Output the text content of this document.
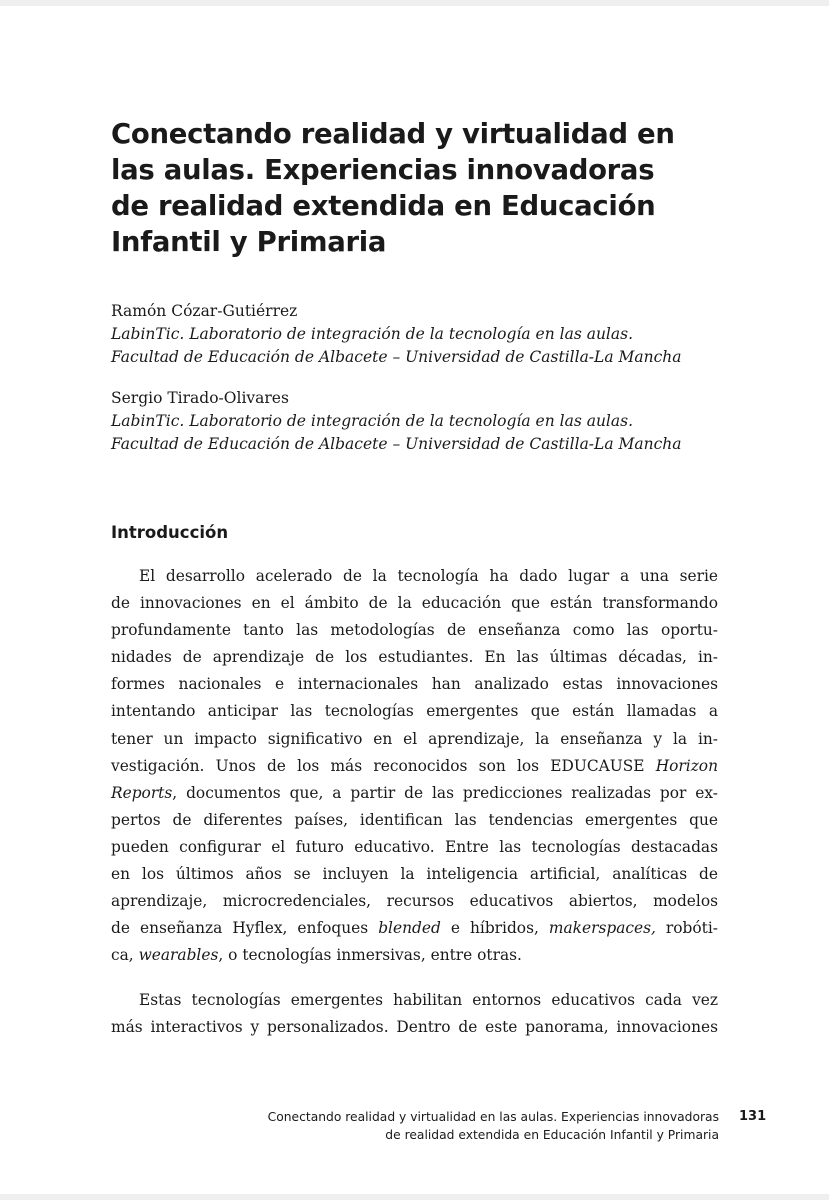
Conectando realidad y virtualidad en
las aulas. Experiencias innovadoras
de realidad extendida en Educación
Infantil y Primaria
Ramón Cózar-Gutiérrez
LabinTic. Laboratorio de integración de la tecnología en las aulas.
Facultad de Educación de Albacete – Universidad de Castilla-La Mancha
Sergio Tirado-Olivares
LabinTic. Laboratorio de integración de la tecnología en las aulas.
Facultad de Educación de Albacete – Universidad de Castilla-La Mancha
Introducción
El desarrollo acelerado de la tecnología ha dado lugar a una serie
de innovaciones en el ámbito de la educación que están transformando
profundamente tanto las metodologías de enseñanza como las oportu-
nidades de aprendizaje de los estudiantes. En las últimas décadas, in-
formes nacionales e internacionales han analizado estas innovaciones
intentando anticipar las tecnologías emergentes que están llamadas a
tener un impacto significativo en el aprendizaje, la enseñanza y la in-
vestigación. Unos de los más reconocidos son los EDUCAUSE Horizon
Reports, documentos que, a partir de las predicciones realizadas por ex-
pertos de diferentes países, identifican las tendencias emergentes que
pueden configurar el futuro educativo. Entre las tecnologías destacadas
en los últimos años se incluyen la inteligencia artificial, analíticas de
aprendizaje, microcredenciales, recursos educativos abiertos, modelos
de enseñanza Hyflex, enfoques blended e híbridos, makerspaces, robóti-
ca, wearables, o tecnologías inmersivas, entre otras.
Estas tecnologías emergentes habilitan entornos educativos cada vez
más interactivos y personalizados. Dentro de este panorama, innovaciones
Conectando realidad y virtualidad en las aulas. Experiencias innovadoras
de realidad extendida en Educación Infantil y Primaria
131
